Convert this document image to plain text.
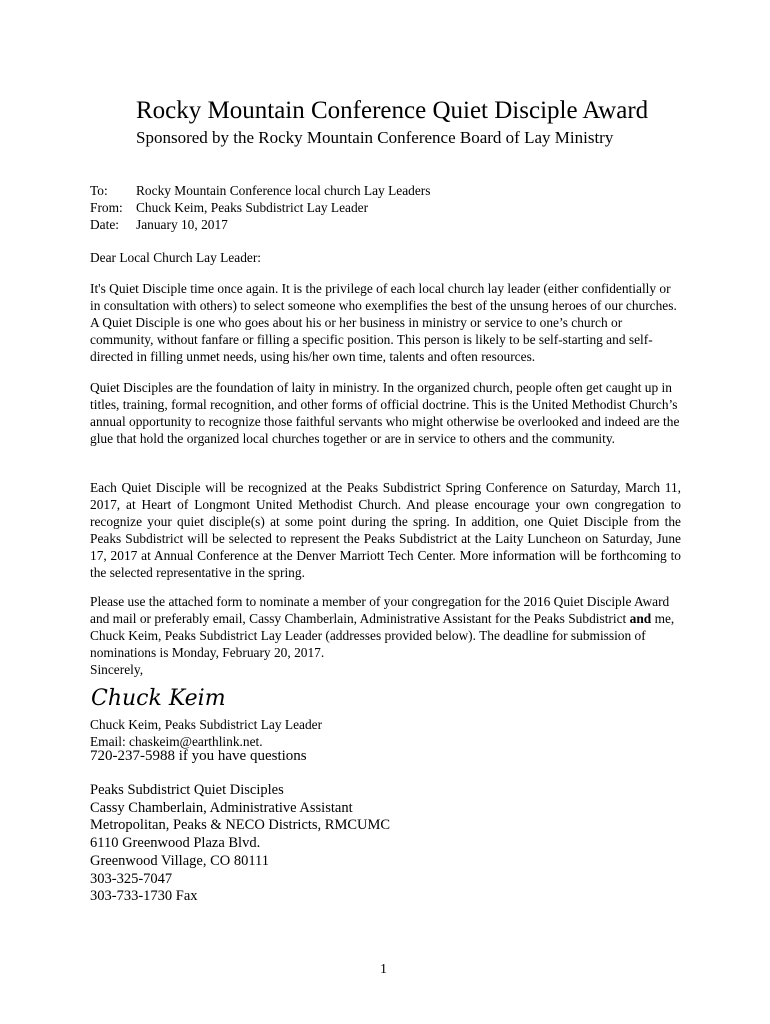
Rocky Mountain Conference Quiet Disciple Award
Sponsored by the Rocky Mountain Conference Board of Lay Ministry
To:	Rocky Mountain Conference local church Lay Leaders
From: Chuck Keim, Peaks Subdistrict Lay Leader
Date:	January 10, 2017
Dear Local Church Lay Leader:
It's Quiet Disciple time once again. It is the privilege of each local church lay leader (either confidentially or in consultation with others) to select someone who exemplifies the best of the unsung heroes of our churches. A Quiet Disciple is one who goes about his or her business in ministry or service to one’s church or community, without fanfare or filling a specific position. This person is likely to be self-starting and self-directed in filling unmet needs, using his/her own time, talents and often resources.
Quiet Disciples are the foundation of laity in ministry. In the organized church, people often get caught up in titles, training, formal recognition, and other forms of official doctrine. This is the United Methodist Church’s annual opportunity to recognize those faithful servants who might otherwise be overlooked and indeed are the glue that hold the organized local churches together or are in service to others and the community.
Each Quiet Disciple will be recognized at the Peaks Subdistrict Spring Conference on Saturday, March 11, 2017, at Heart of Longmont United Methodist Church. And please encourage your own congregation to recognize your quiet disciple(s) at some point during the spring. In addition, one Quiet Disciple from the Peaks Subdistrict will be selected to represent the Peaks Subdistrict at the Laity Luncheon on Saturday, June 17, 2017 at Annual Conference at the Denver Marriott Tech Center. More information will be forthcoming to the selected representative in the spring.
Please use the attached form to nominate a member of your congregation for the 2016 Quiet Disciple Award and mail or preferably email, Cassy Chamberlain, Administrative Assistant for the Peaks Subdistrict and me, Chuck Keim, Peaks Subdistrict Lay Leader (addresses provided below). The deadline for submission of nominations is Monday, February 20, 2017.
Sincerely,
Chuck Keim
Chuck Keim, Peaks Subdistrict Lay Leader
Email: chaskeim@earthlink.net.
720-237-5988 if you have questions
Peaks Subdistrict Quiet Disciples
Cassy Chamberlain, Administrative Assistant
Metropolitan, Peaks & NECO Districts, RMCUMC
6110 Greenwood Plaza Blvd.
Greenwood Village, CO 80111
303-325-7047
303-733-1730 Fax
1
